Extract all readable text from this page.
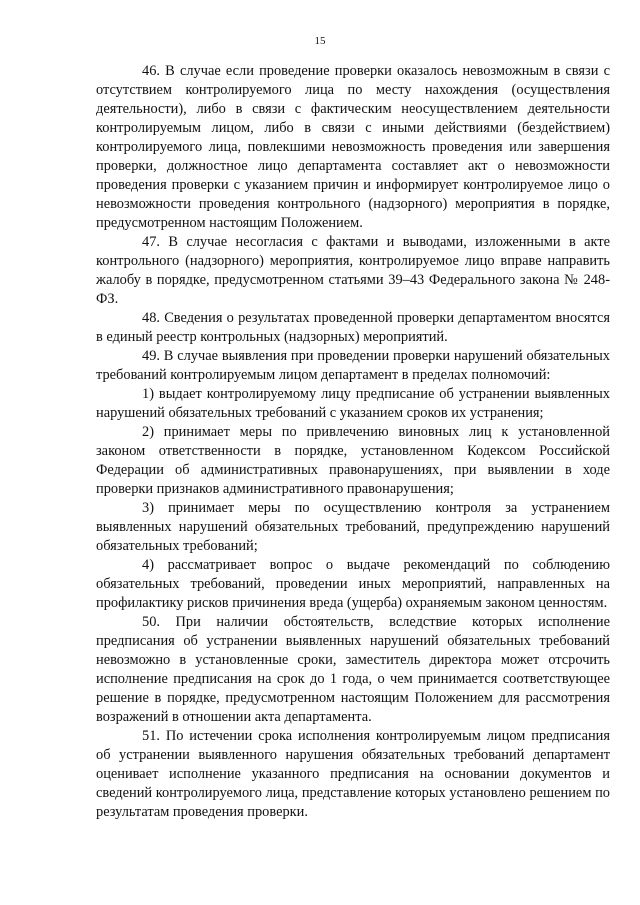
15

46. В случае если проведение проверки оказалось невозможным в связи с отсутствием контролируемого лица по месту нахождения (осуществления деятельности), либо в связи с фактическим неосуществлением деятельности контролируемым лицом, либо в связи с иными действиями (бездействием) контролируемого лица, повлекшими невозможность проведения или завершения проверки, должностное лицо департамента составляет акт о невозможности проведения проверки с указанием причин и информирует контролируемое лицо о невозможности проведения контрольного (надзорного) мероприятия в порядке, предусмотренном настоящим Положением.

47. В случае несогласия с фактами и выводами, изложенными в акте контрольного (надзорного) мероприятия, контролируемое лицо вправе направить жалобу в порядке, предусмотренном статьями 39–43 Федерального закона № 248-ФЗ.

48. Сведения о результатах проведенной проверки департаментом вносятся в единый реестр контрольных (надзорных) мероприятий.

49. В случае выявления при проведении проверки нарушений обязательных требований контролируемым лицом департамент в пределах полномочий:

1) выдает контролируемому лицу предписание об устранении выявленных нарушений обязательных требований с указанием сроков их устранения;

2) принимает меры по привлечению виновных лиц к установленной законом ответственности в порядке, установленном Кодексом Российской Федерации об административных правонарушениях, при выявлении в ходе проверки признаков административного правонарушения;

3) принимает меры по осуществлению контроля за устранением выявленных нарушений обязательных требований, предупреждению нарушений обязательных требований;

4) рассматривает вопрос о выдаче рекомендаций по соблюдению обязательных требований, проведении иных мероприятий, направленных на профилактику рисков причинения вреда (ущерба) охраняемым законом ценностям.

50. При наличии обстоятельств, вследствие которых исполнение предписания об устранении выявленных нарушений обязательных требований невозможно в установленные сроки, заместитель директора может отсрочить исполнение предписания на срок до 1 года, о чем принимается соответствующее решение в порядке, предусмотренном настоящим Положением для рассмотрения возражений в отношении акта департамента.

51. По истечении срока исполнения контролируемым лицом предписания об устранении выявленного нарушения обязательных требований департамент оценивает исполнение указанного предписания на основании документов и сведений контролируемого лица, представление которых установлено решением по результатам проведения проверки.
